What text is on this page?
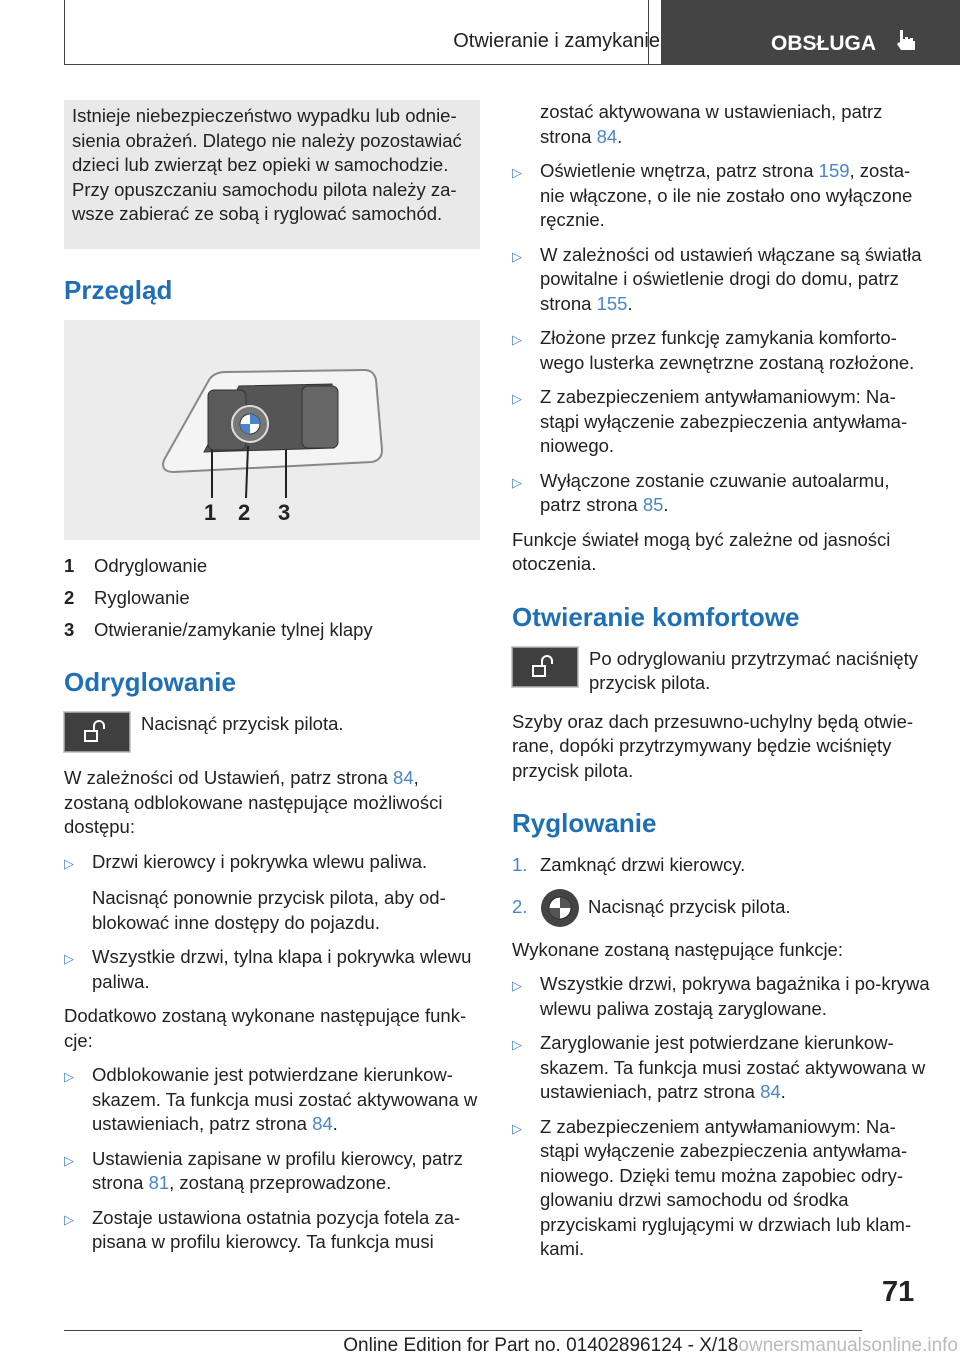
Otwieranie i zamykanie	OBSŁUGA
Istnieje niebezpieczeństwo wypadku lub odnie-sienia obrażeń. Dlatego nie należy pozostawiać dzieci lub zwierząt bez opieki w samochodzie. Przy opuszczaniu samochodu pilota należy za-wsze zabierać ze sobą i ryglować samochód.
Przegląd
1 2 3
1	Odryglowanie
2	Ryglowanie
3	Otwieranie/zamykanie tylnej klapy
Odryglowanie
Nacisnąć przycisk pilota.

W zależności od Ustawień, patrz strona 84, zostaną odblokowane następujące możliwości dostępu:

▷ Drzwi kierowcy i pokrywka wlewu paliwa.
Nacisnąć ponownie przycisk pilota, aby od-blokować inne dostępy do pojazdu.
▷ Wszystkie drzwi, tylna klapa i pokrywka wlewu paliwa.

Dodatkowo zostaną wykonane następujące funk-cje:

▷ Odblokowanie jest potwierdzane kierunkow-skazem. Ta funkcja musi zostać aktywowana w ustawieniach, patrz strona 84.
▷ Ustawienia zapisane w profilu kierowcy, patrz strona 81, zostaną przeprowadzone.
▷ Zostaje ustawiona ostatnia pozycja fotela za-pisana w profilu kierowcy. Ta funkcja musi
zostać aktywowana w ustawieniach, patrz strona 84.
▷ Oświetlenie wnętrza, patrz strona 159, zosta-nie włączone, o ile nie zostało ono wyłączone ręcznie.
▷ W zależności od ustawień włączane są światła powitalne i oświetlenie drogi do domu, patrz strona 155.
▷ Złożone przez funkcję zamykania komforto-wego lusterka zewnętrzne zostaną rozłożone.
▷ Z zabezpieczeniem antywłamaniowym: Na-stąpi wyłączenie zabezpieczenia antywłama-niowego.
▷ Wyłączone zostanie czuwanie autoalarmu, patrz strona 85.

Funkcje świateł mogą być zależne od jasności otoczenia.

Otwieranie komfortowe
Po odryglowaniu przytrzymać naciśnięty przycisk pilota.

Szyby oraz dach przesuwno-uchylny będą otwie-rane, dopóki przytrzymywany będzie wciśnięty przycisk pilota.

Ryglowanie
1. Zamknąć drzwi kierowcy.
2.	Nacisnąć przycisk pilota.

Wykonane zostaną następujące funkcje:

▷ Wszystkie drzwi, pokrywa bagażnika i po-krywa wlewu paliwa zostają zaryglowane.
▷ Zaryglowanie jest potwierdzane kierunkow-skazem. Ta funkcja musi zostać aktywowana w ustawieniach, patrz strona 84.
▷ Z zabezpieczeniem antywłamaniowym: Na-stąpi wyłączenie zabezpieczenia antywłama-niowego. Dzięki temu można zapobiec odry-glowaniu drzwi samochodu od środka przyciskami ryglującymi w drzwiach lub klam-kami.
71
Online Edition for Part no. 01402896124 - X/18ownersmanualsonline.info
